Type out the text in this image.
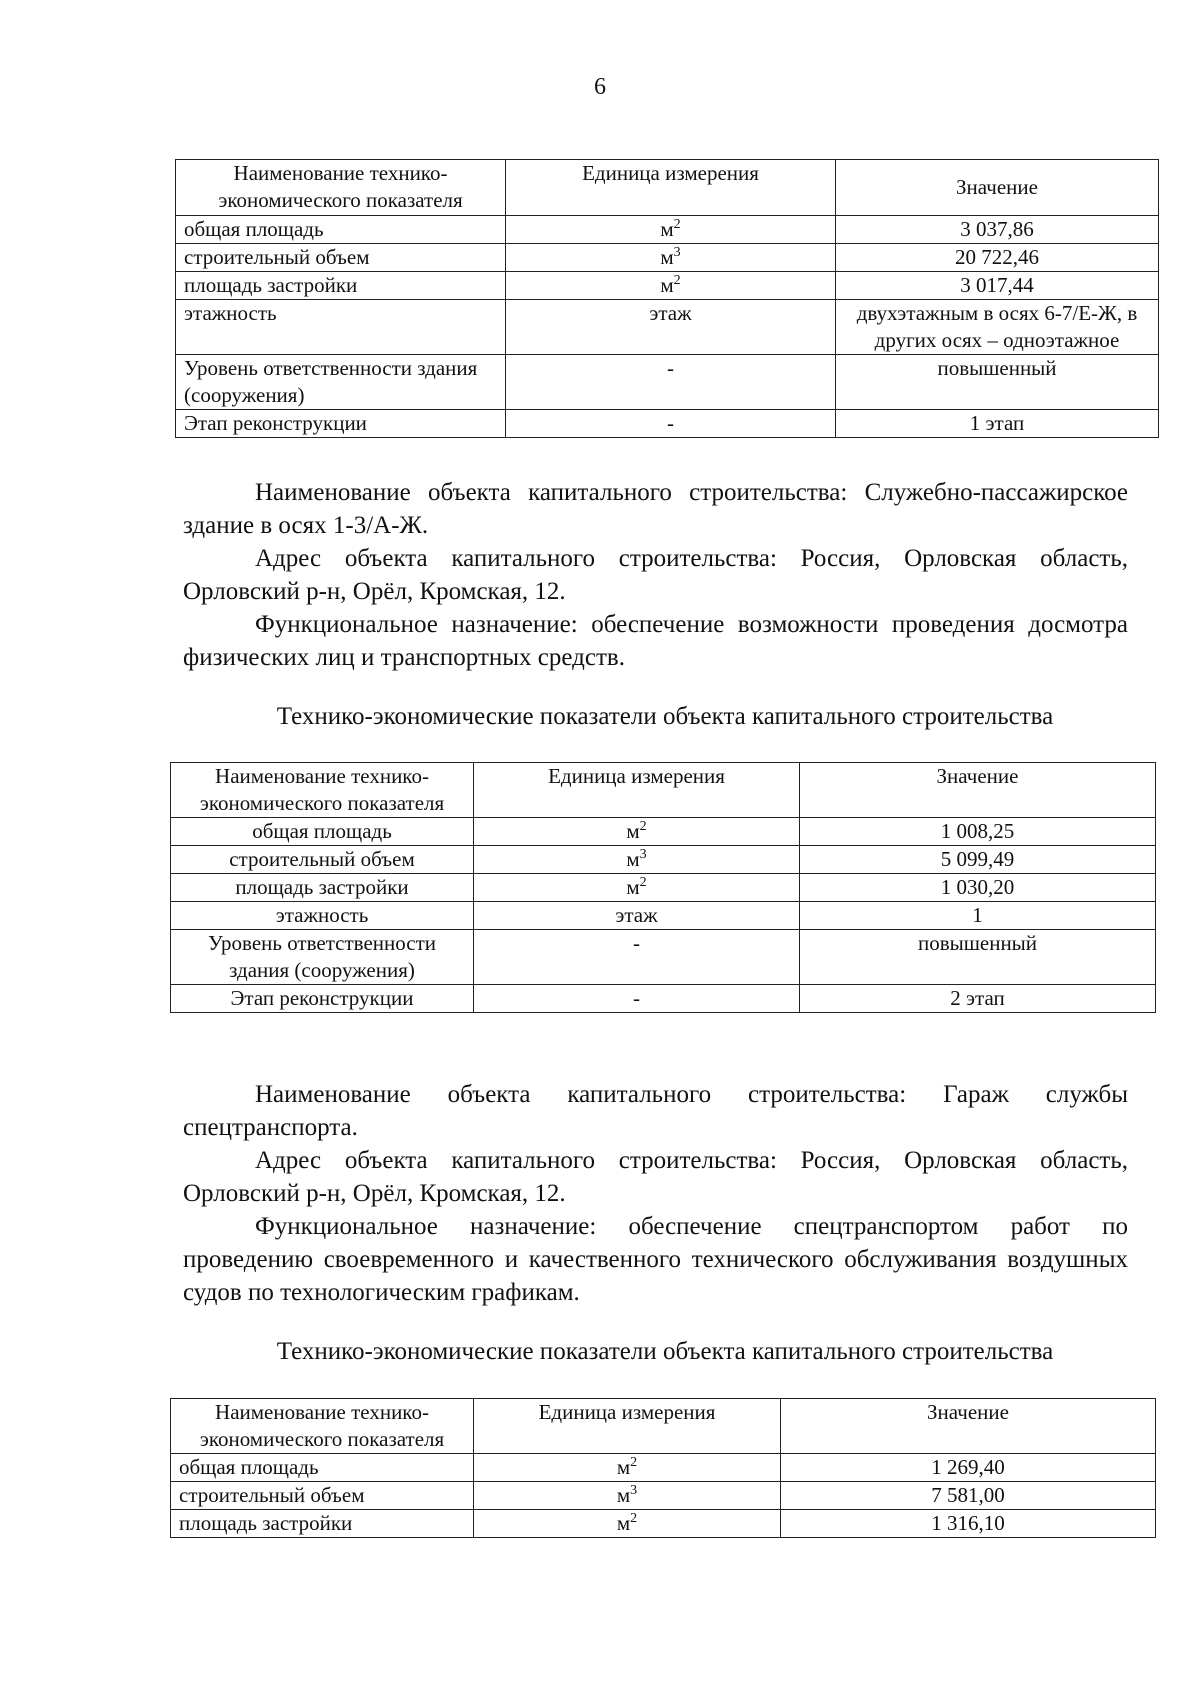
6
Наименование технико-экономического показателя	Единица измерения	Значение
общая площадь	$м^2$	3 037,86
строительный объем	$м^3$	20 722,46
площадь застройки	$м^2$	3 017,44
этажность	этаж	двухэтажным в осях 6-7/Е-Ж, в других осях – одноэтажное
Уровень ответственности здания (сооружения)	-	повышенный
Этап реконструкции	-	1 этап
Наименование объекта капитального строительства: Служебно-пассажирское здание в осях 1-3/А-Ж.
Адрес объекта капитального строительства: Россия, Орловская область, Орловский р-н, Орёл, Кромская, 12.
Функциональное назначение: обеспечение возможности проведения досмотра физических лиц и транспортных средств.
Технико-экономические показатели объекта капитального строительства
Наименование технико-экономического показателя	Единица измерения	Значение
общая площадь	$м^2$	1 008,25
строительный объем	$м^3$	5 099,49
площадь застройки	$м^2$	1 030,20
этажность	этаж	1
Уровень ответственности здания (сооружения)	-	повышенный
Этап реконструкции	-	2 этап
Наименование объекта капитального строительства: Гараж службы спецтранспорта.
Адрес объекта капитального строительства: Россия, Орловская область, Орловский р-н, Орёл, Кромская, 12.
Функциональное назначение: обеспечение спецтранспортом работ по проведению своевременного и качественного технического обслуживания воздушных судов по технологическим графикам.
Технико-экономические показатели объекта капитального строительства
Наименование технико-экономического показателя	Единица измерения	Значение
общая площадь	$м^2$	1 269,40
строительный объем	$м^3$	7 581,00
площадь застройки	$м^2$	1 316,10
